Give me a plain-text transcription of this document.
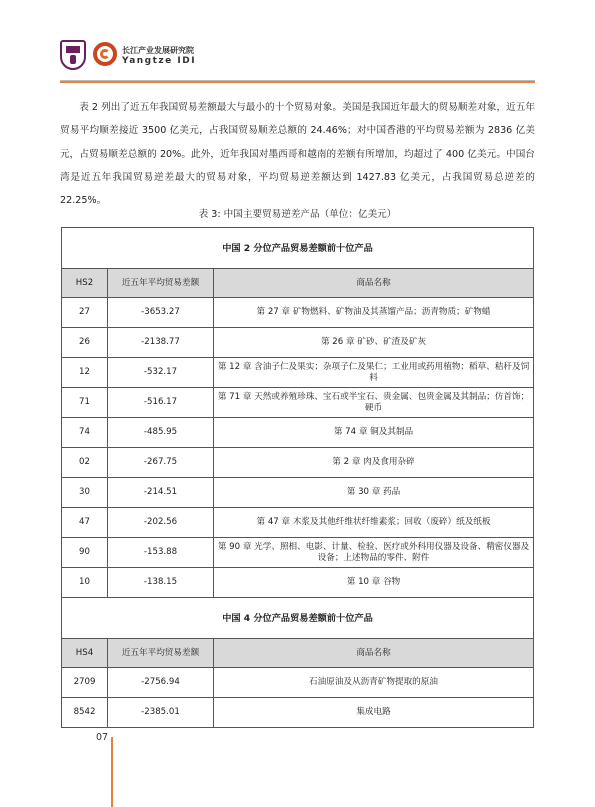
长江产业发展研究院
Yangtze IDI

表 2 列出了近五年我国贸易差额最大与最小的十个贸易对象。美国是我国近年最大的贸易顺差对象，近五年贸易平均顺差接近 3500 亿美元，占我国贸易顺差总额的 24.46%；对中国香港的平均贸易差额为 2836 亿美元，占贸易顺差总额的 20%。此外，近年我国对墨西哥和越南的差额有所增加，均超过了 400 亿美元。中国台湾是近五年我国贸易逆差最大的贸易对象，平均贸易逆差额达到 1427.83 亿美元，占我国贸易总逆差的 22.25%。

表 3: 中国主要贸易逆差产品（单位：亿美元）
中国 2 分位产品贸易差额前十位产品		
HS2	近五年平均贸易差额	商品名称
27	-3653.27	第 27 章 矿物燃料、矿物油及其蒸馏产品；沥青物质；矿物蜡
26	-2138.77	第 26 章 矿砂、矿渣及矿灰
12	-532.17	第 12 章 含油子仁及果实；杂项子仁及果仁；工业用或药用植物；稻草、秸秆及饲料
71	-516.17	第 71 章 天然或养殖珍珠、宝石或半宝石、贵金属、包贵金属及其制品；仿首饰；硬币
74	-485.95	第 74 章 铜及其制品
02	-267.75	第 2 章 肉及食用杂碎
30	-214.51	第 30 章 药品
47	-202.56	第 47 章 木浆及其他纤维状纤维素浆；回收（废碎）纸及纸板
90	-153.88	第 90 章 光学、照相、电影、计量、检验、医疗或外科用仪器及设备、精密仪器及设备；上述物品的零件、附件
10	-138.15	第 10 章 谷物
中国 4 分位产品贸易差额前十位产品		
HS4	近五年平均贸易差额	商品名称
2709	-2756.94	石油原油及从沥青矿物提取的原油
8542	-2385.01	集成电路
07
